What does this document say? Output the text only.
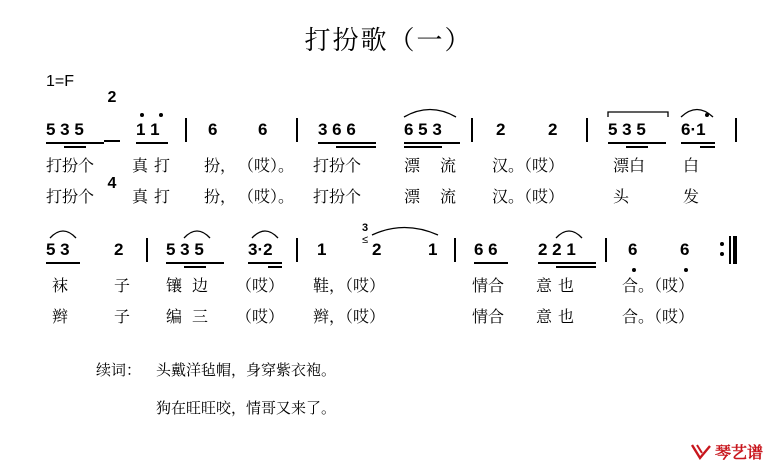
打扮歌（一）
1=F

2

4

5 3 5	1 1	6 6	3 6 6	6 5 3	2	2	5 3 5 6·1
打扮个 真打 扮， （哎）。 打扮个	漂 流 汉。（哎）	漂白 白
打扮个 真打 扮， （哎）。 打扮个	漂 流 汉。（哎）	头	发
5 3	2	5 3 5	3·2	1
3
≤ 2	1 6 6 2 2 1	6	6
袜	子 镶边 （哎） 鞋，（哎）	情合 意也	合。（哎）
辫	子 编三 （哎） 辫，（哎）	情合 意也	合。（哎）
续词： 头戴洋毡帽，身穿紫衣袍。
狗在旺旺咬，情哥又来了。
琴艺谱
